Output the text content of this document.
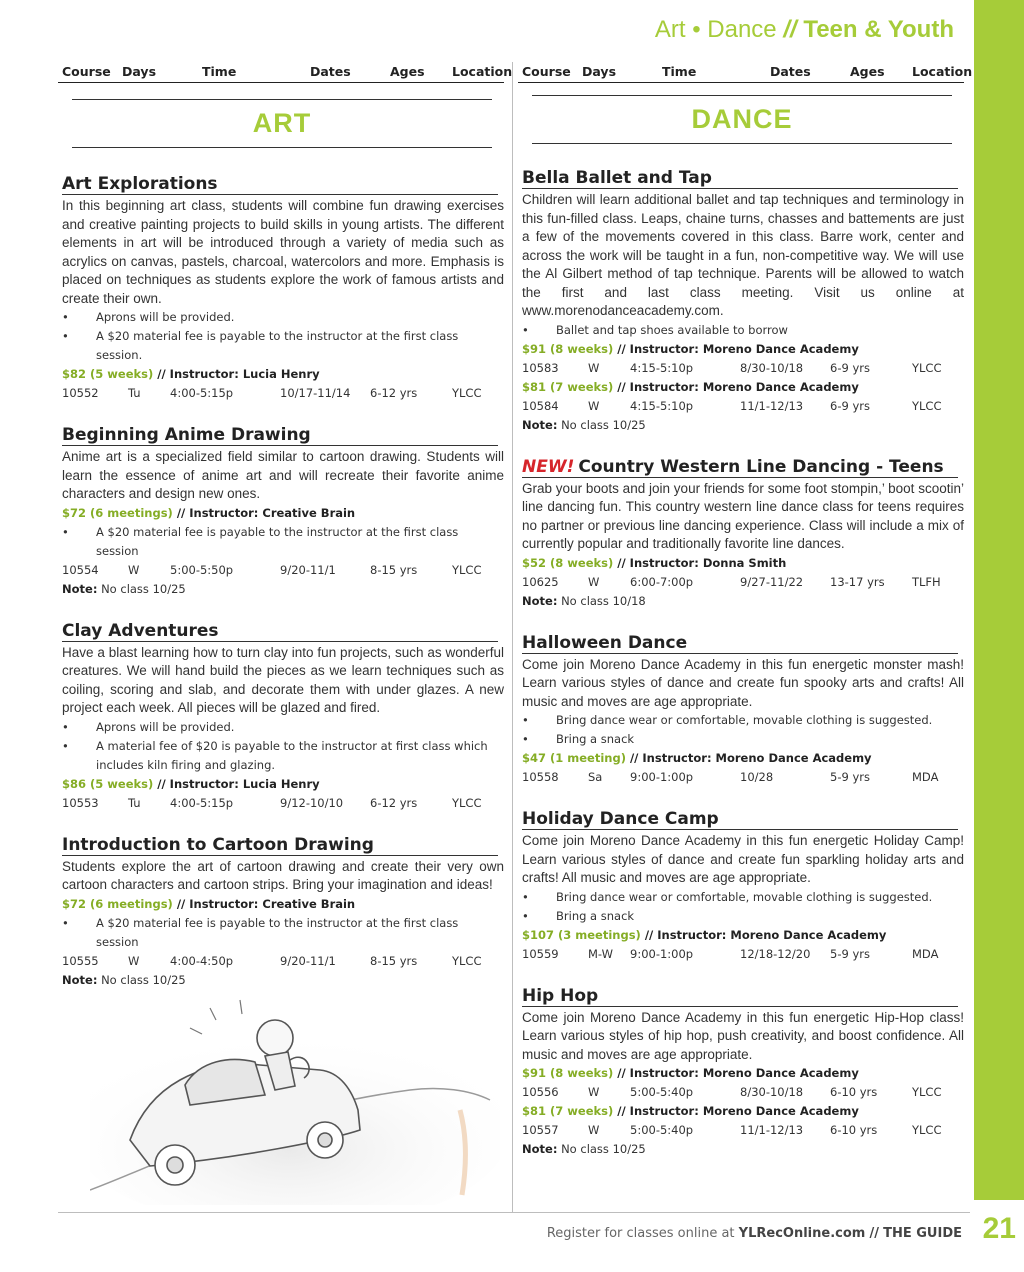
Art • Dance // Teen & Youth
TEEN & YOUTH
21
Course Days	Time	Dates	Ages	Location
ART
Art Explorations
In this beginning art class, students will combine fun drawing exercises and creative painting projects to build skills in young artists. The different elements in art will be introduced through a variety of media such as acrylics on canvas, pastels, charcoal, watercolors and more. Emphasis is placed on techniques as students explore the work of famous artists and create their own.
•	Aprons will be provided.
•	A $20 material fee is payable to the instructor at the first class session.
$82 (5 weeks) // Instructor: Lucia Henry
10552	Tu	4:00-5:15p	10/17-11/14	6-12 yrs	YLCC
Beginning Anime Drawing
Anime art is a specialized field similar to cartoon drawing. Students will learn the essence of anime art and will recreate their favorite anime characters and design new ones.
$72 (6 meetings) // Instructor: Creative Brain
•	A $20 material fee is payable to the instructor at the first class session
10554	W	5:00-5:50p	9/20-11/1	8-15 yrs	YLCC
Note: No class 10/25
Clay Adventures
Have a blast learning how to turn clay into fun projects, such as wonderful creatures. We will hand build the pieces as we learn techniques such as coiling, scoring and slab, and decorate them with under glazes. A new project each week. All pieces will be glazed and fired.
•	Aprons will be provided.
•	A material fee of $20 is payable to the instructor at first class which includes kiln firing and glazing.
$86 (5 weeks) // Instructor: Lucia Henry
10553	Tu	4:00-5:15p	9/12-10/10	6-12 yrs	YLCC
Introduction to Cartoon Drawing
Students explore the art of cartoon drawing and create their very own cartoon characters and cartoon strips. Bring your imagination and ideas!
$72 (6 meetings) // Instructor: Creative Brain
•	A $20 material fee is payable to the instructor at the first class session
10555	W	4:00-4:50p	9/20-11/1	8-15 yrs	YLCC
Note: No class 10/25
Course Days	Time	Dates	Ages	Location
DANCE
Bella Ballet and Tap
Children will learn additional ballet and tap techniques and terminology in this fun-filled class. Leaps, chaine turns, chasses and battements are just a few of the movements covered in this class. Barre work, center and across the work will be taught in a fun, non-competitive way. We will use the Al Gilbert method of tap technique. Parents will be allowed to watch the first and last class meeting. Visit us online at www.morenodanceacademy.com.
•	Ballet and tap shoes available to borrow
$91 (8 weeks) // Instructor: Moreno Dance Academy
10583	W	4:15-5:10p	8/30-10/18	6-9 yrs	YLCC
$81 (7 weeks) // Instructor: Moreno Dance Academy
10584	W	4:15-5:10p	11/1-12/13	6-9 yrs	YLCC
Note: No class 10/25
NEW! Country Western Line Dancing - Teens
Grab your boots and join your friends for some foot stompin,’ boot scootin’ line dancing fun. This country western line dance class for teens requires no partner or previous line dancing experience. Class will include a mix of currently popular and traditionally favorite line dances.
$52 (8 weeks) // Instructor: Donna Smith
10625	W	6:00-7:00p	9/27-11/22	13-17 yrs	TLFH
Note: No class 10/18
Halloween Dance
Come join Moreno Dance Academy in this fun energetic monster mash! Learn various styles of dance and create fun spooky arts and crafts! All music and moves are age appropriate.
•	Bring dance wear or comfortable, movable clothing is suggested.
•	Bring a snack
$47 (1 meeting) // Instructor: Moreno Dance Academy
10558	Sa	9:00-1:00p	10/28	5-9 yrs	MDA
Holiday Dance Camp
Come join Moreno Dance Academy in this fun energetic Holiday Camp! Learn various styles of dance and create fun sparkling holiday arts and crafts! All music and moves are age appropriate.
•	Bring dance wear or comfortable, movable clothing is suggested.
•	Bring a snack
$107 (3 meetings) // Instructor: Moreno Dance Academy
10559	M-W	9:00-1:00p	12/18-12/20	5-9 yrs	MDA
Hip Hop
Come join Moreno Dance Academy in this fun energetic Hip-Hop class! Learn various styles of hip hop, push creativity, and boost confidence. All music and moves are age appropriate.
$91 (8 weeks) // Instructor: Moreno Dance Academy
10556	W	5:00-5:40p	8/30-10/18	6-10 yrs	YLCC
$81 (7 weeks) // Instructor: Moreno Dance Academy
10557	W	5:00-5:40p	11/1-12/13	6-10 yrs	YLCC
Note: No class 10/25
Register for classes online at YLRecOnline.com // THE GUIDE
